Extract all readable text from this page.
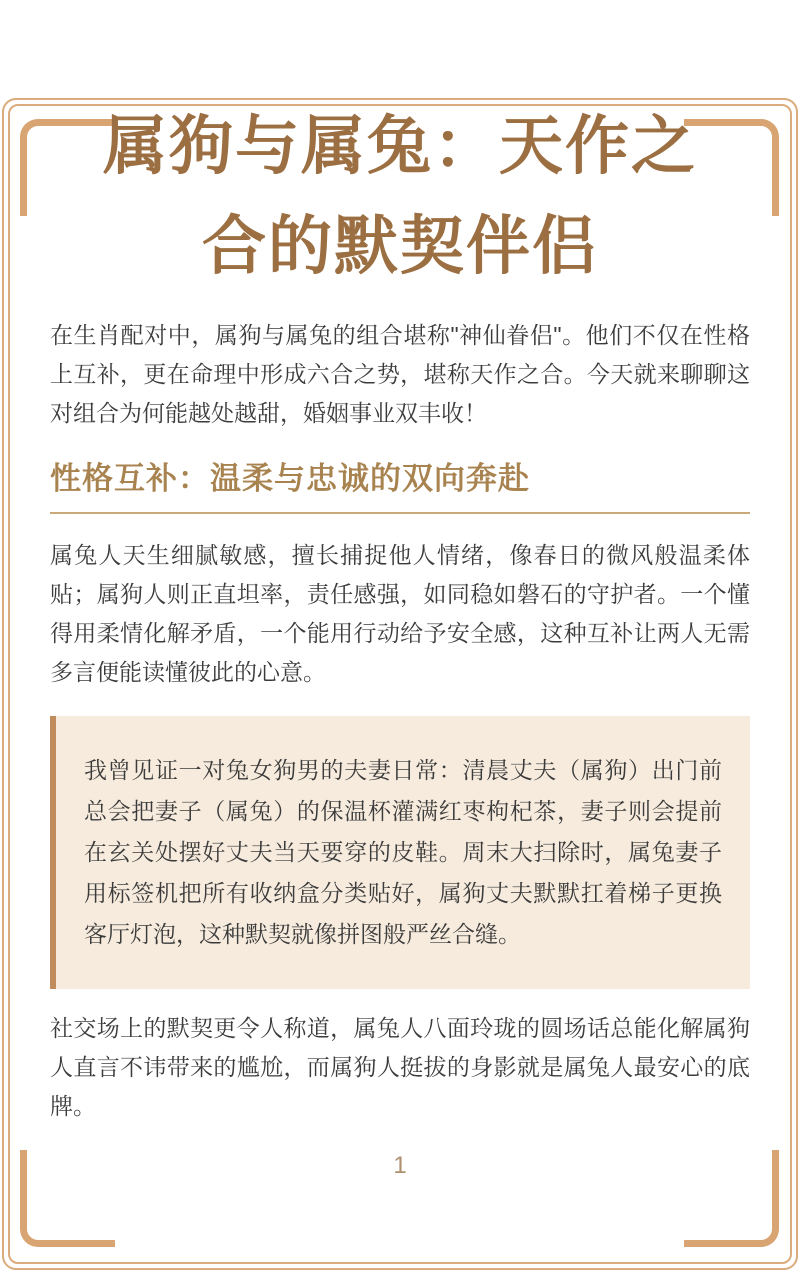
属狗与属兔：天作之
合的默契伴侣

在生肖配对中，属狗与属兔的组合堪称"神仙眷侣"。他们不仅在性格上互补，更在命理中形成六合之势，堪称天作之合。今天就来聊聊这对组合为何能越处越甜，婚姻事业双丰收！

性格互补：温柔与忠诚的双向奔赴

属兔人天生细腻敏感，擅长捕捉他人情绪，像春日的微风般温柔体贴；属狗人则正直坦率，责任感强，如同稳如磐石的守护者。一个懂得用柔情化解矛盾，一个能用行动给予安全感，这种互补让两人无需多言便能读懂彼此的心意。

我曾见证一对兔女狗男的夫妻日常：清晨丈夫（属狗）出门前总会把妻子（属兔）的保温杯灌满红枣枸杞茶，妻子则会提前在玄关处摆好丈夫当天要穿的皮鞋。周末大扫除时，属兔妻子用标签机把所有收纳盒分类贴好，属狗丈夫默默扛着梯子更换客厅灯泡，这种默契就像拼图般严丝合缝。

社交场上的默契更令人称道，属兔人八面玲珑的圆场话总能化解属狗人直言不讳带来的尴尬，而属狗人挺拔的身影就是属兔人最安心的底牌。

1
